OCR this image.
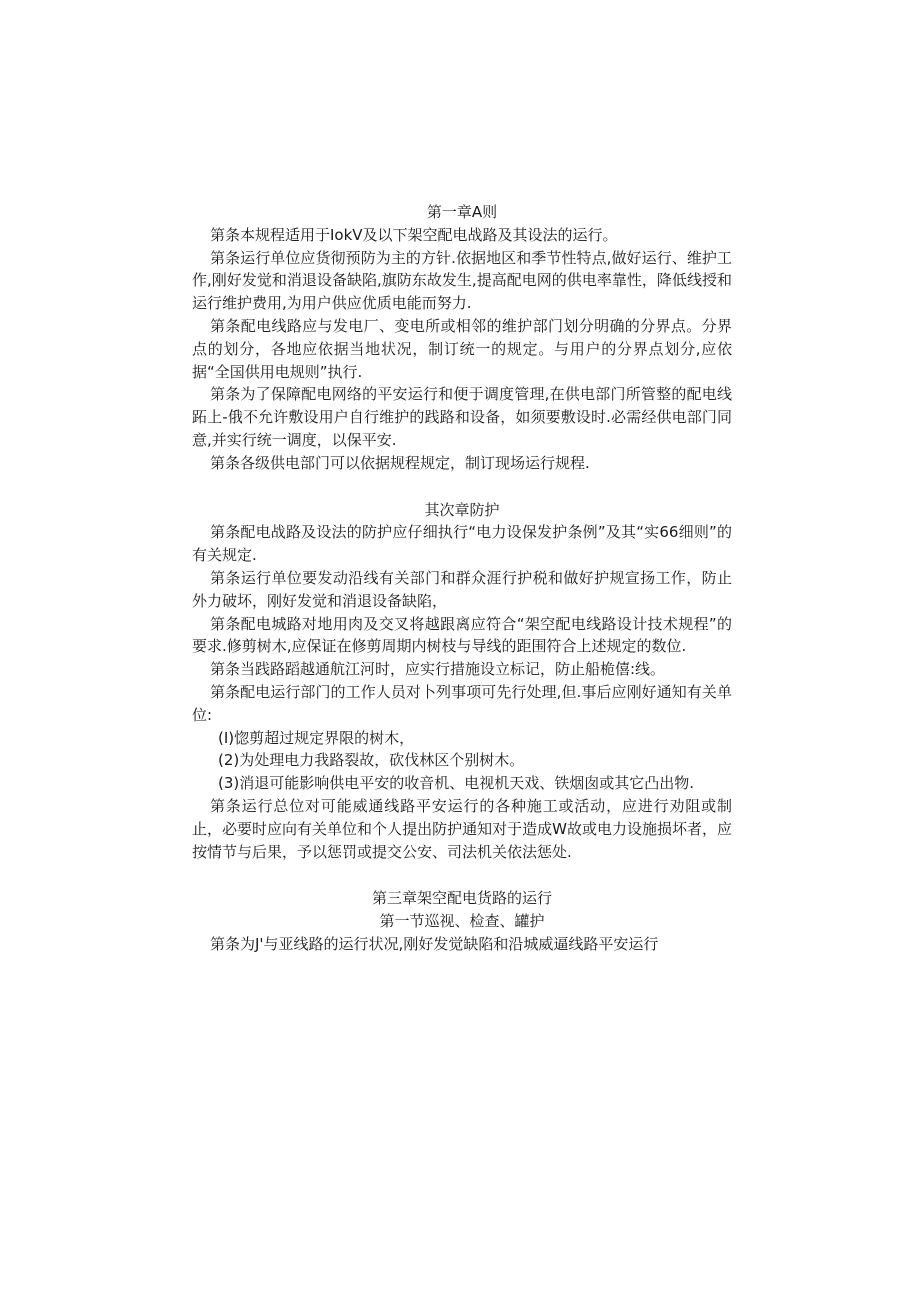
第一章A则

第条本规程适用于IokV及以下架空配电战路及其设法的运行。

第条运行单位应货彻预防为主的方针.依据地区和季节性特点,做好运行、维护工作,刚好发觉和消退设备缺陷,旗防东故发生,提高配电网的供电率靠性，降低线授和运行维护费用,为用户供应优质电能而努力.

第条配电线路应与发电厂、变电所或相邻的维护部门划分明确的分界点。分界点的划分，各地应依据当地状况，制订统一的规定。与用户的分界点划分,应依据“全国供用电规则”执行.

第条为了保障配电网络的平安运行和便于调度管理,在供电部门所管整的配电线跖上-俄不允许敷设用户自行维护的践路和设备，如须要敷设时.必需经供电部门同意,并实行统一调度，以保平安.

第条各级供电部门可以依据规程规定，制订现场运行规程.

其次章防护

第条配电战路及设法的防护应仔细执行“电力设保发护条例”及其“实66细则”的有关规定.

第条运行单位要发动沿线有关部门和群众涯行护税和做好护规宣扬工作，防止外力破坏，刚好发觉和消退设备缺陷，

第条配电城路对地用肉及交叉将越跟离应符合“架空配电线路设计技术规程”的要求.修剪树木,应保证在修剪周期内树枝与导线的距围符合上述规定的数位.

第条当践路蹈越通航江河时，应实行措施设立标记，防止船桅僖:线。

第条配电运行部门的工作人员对卜列事项可先行处理,但.事后应刚好通知有关单位:

(I)惚剪超过规定界限的树木，

(2)为处理电力我路裂故，砍伐林区个别树木。

(3)消退可能影响供电平安的收音机、电视机天戏、铁烟囱或其它凸出物.

第条运行总位对可能威通线路平安运行的各种施工或活动，应进行劝阻或制止，必要时应向有关单位和个人提出防护通知对于造成W故或电力设施损坏者，应按情节与后果，予以惩罚或提交公安、司法机关依法惩处.

第三章架空配电货路的运行

第一节巡视、检查、罐护

第条为J'与亚线路的运行状况,刚好发觉缺陷和沿城威逼线路平安运行
